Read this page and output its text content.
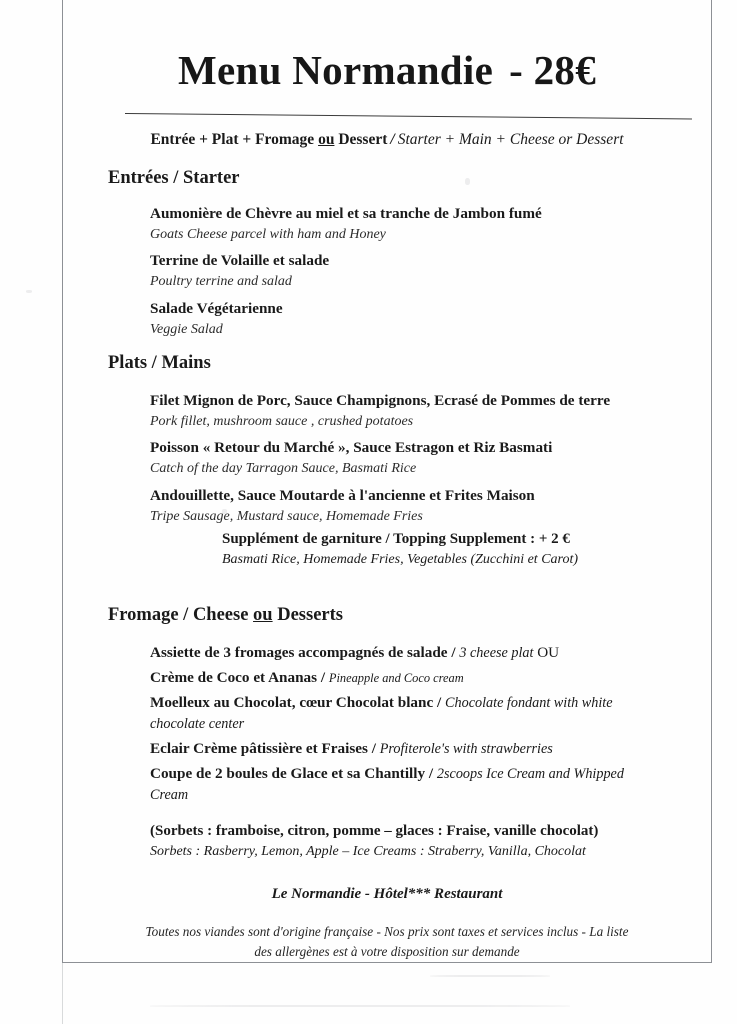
Menu Normandie - 28€
Entrée + Plat + Fromage ou Dessert / Starter + Main + Cheese or Dessert
Entrées / Starter
Aumonière de Chèvre au miel et sa tranche de Jambon fumé
Goats Cheese parcel with ham and Honey
Terrine de Volaille et salade
Poultry terrine and salad
Salade Végétarienne
Veggie Salad
Plats / Mains
Filet Mignon de Porc, Sauce Champignons, Ecrasé de Pommes de terre
Pork fillet, mushroom sauce , crushed potatoes
Poisson « Retour du Marché », Sauce Estragon et Riz Basmati
Catch of the day Tarragon Sauce, Basmati Rice
Andouillette, Sauce Moutarde à l'ancienne et Frites Maison
Tripe Sausage, Mustard sauce, Homemade Fries
Supplément de garniture / Topping Supplement : + 2 €
Basmati Rice, Homemade Fries, Vegetables (Zucchini et Carot)
Fromage / Cheese ou Desserts
Assiette de 3 fromages accompagnés de salade / 3 cheese plat OU
Crème de Coco et Ananas / Pineapple and Coco cream
Moelleux au Chocolat, cœur Chocolat blanc / Chocolate fondant with white chocolate center
Eclair Crème pâtissière et Fraises / Profiterole's with strawberries
Coupe de 2 boules de Glace et sa Chantilly / 2scoops Ice Cream and Whipped Cream
(Sorbets : framboise, citron, pomme – glaces : Fraise, vanille chocolat)
Sorbets : Rasberry, Lemon, Apple – Ice Creams : Straberry, Vanilla, Chocolat
Le Normandie - Hôtel*** Restaurant
Toutes nos viandes sont d'origine française - Nos prix sont taxes et services inclus - La liste
des allergènes est à votre disposition sur demande
